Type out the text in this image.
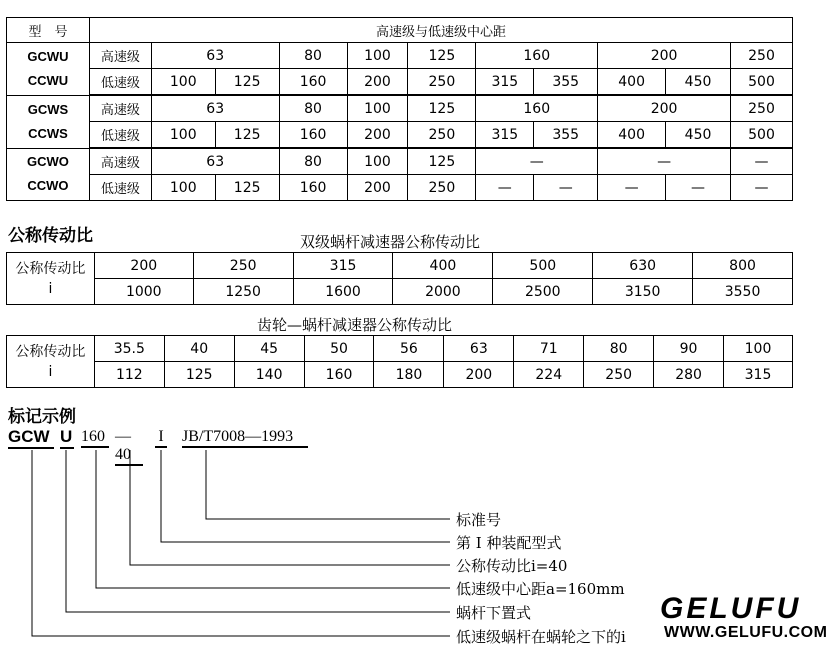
型　号	高速级与低速级中心距										

GCWU
CCWU	高速级	63		80	100	125	160		200		250
	低速级	100	125	160	200	250	315	355	400	450	500

GCWS
CCWS	高速级	63		80	100	125	160		200		250
	低速级	100	125	160	200	250	315	355	400	450	500

GCWO
CCWO	高速级	63		80	100	125	—		—		—
	低速级	100	125	160	200	250	—	—	—	—	—
公称传动比	双级蜗杆减速器公称传动比
公称传动比
i	200	250	315	400	500	630	800
	1000	1250	1600	2000	2500	3150	3550
齿轮—蜗杆减速器公称传动比
公称传动比
i	35.5	40	45	50	56	63	71	80	90	100
	112	125	140	160	180	200	224	250	280	315
标记示例
GCW U 160 —40
I JB/T7008—1993
标准号
第 I 种装配型式
公称传动比i=40
低速级中心距a=160mm
蜗杆下置式
低速级蜗杆在蜗轮之下的i
GELUFU
WWW.GELUFU.COM
